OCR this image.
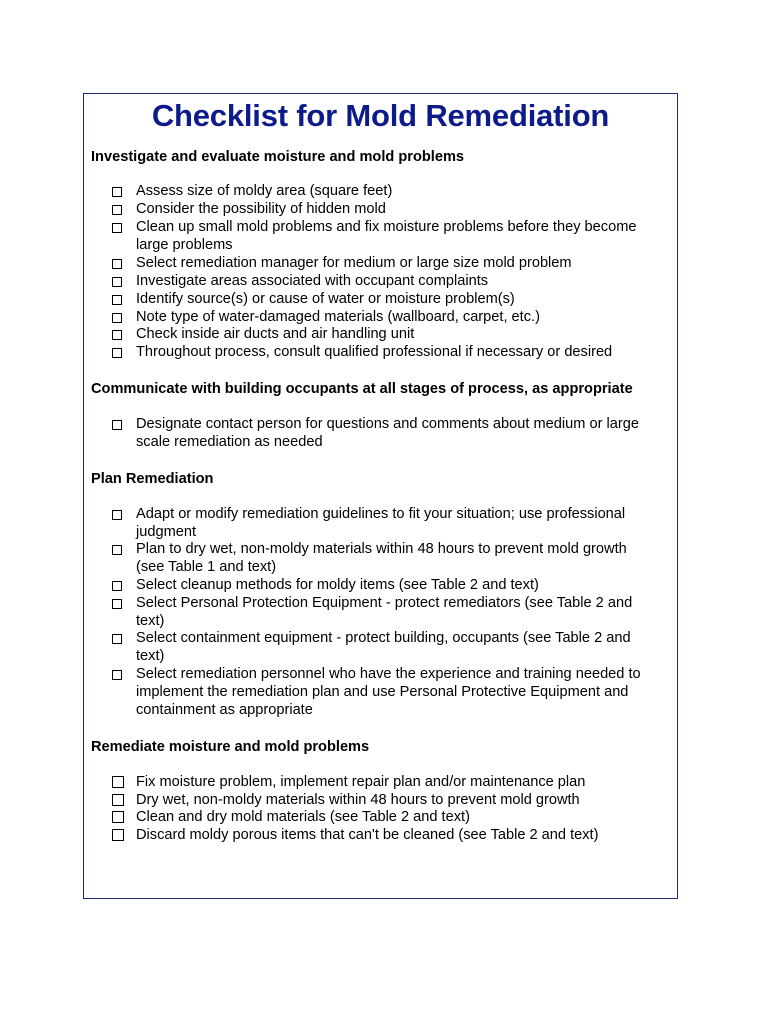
Checklist for Mold Remediation
Investigate and evaluate moisture and mold problems
Assess size of moldy area (square feet)
Consider the possibility of hidden mold
Clean up small mold problems and fix moisture problems before they become large problems
Select remediation manager for medium or large size mold problem
Investigate areas associated with occupant complaints
Identify source(s) or cause of water or moisture problem(s)
Note type of water-damaged materials (wallboard, carpet, etc.)
Check inside air ducts and air handling unit
Throughout process, consult qualified professional if necessary or desired
Communicate with building occupants at all stages of process, as appropriate
Designate contact person for questions and comments about medium or large scale remediation as needed
Plan Remediation
Adapt or modify remediation guidelines to fit your situation; use professional judgment
Plan to dry wet, non-moldy materials within 48 hours to prevent mold growth (see Table 1 and text)
Select cleanup methods for moldy items (see Table 2 and text)
Select Personal Protection Equipment - protect remediators (see Table 2 and text)
Select containment equipment - protect building, occupants (see Table 2 and text)
Select remediation personnel who have the experience and training needed to implement the remediation plan and use Personal Protective Equipment and containment as appropriate
Remediate moisture and mold problems
Fix moisture problem, implement repair plan and/or maintenance plan
Dry wet, non-moldy materials within 48 hours to prevent mold growth
Clean and dry mold materials (see Table 2 and text)
Discard moldy porous items that can't be cleaned (see Table 2 and text)
